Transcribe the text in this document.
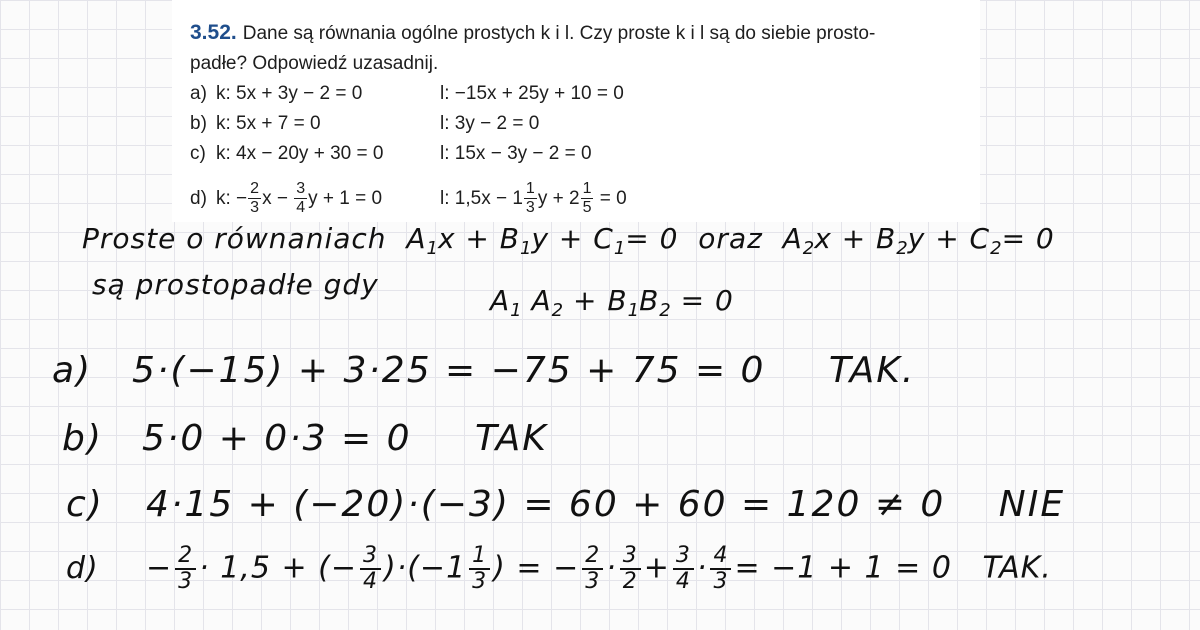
3.52. Dane są równania ogólne prostych k i l. Czy proste k i l są do siebie prosto-
padłe? Odpowiedź uzasadnij.
a) k: 5x + 3y − 2 = 0	l: −15x + 25y + 10 = 0
b) k: 5x + 7 = 0	l: 3y − 2 = 0
c) k: 4x − 20y + 30 = 0	l: 15x − 3y − 2 = 0
d) k: − $\frac{2}{3}$ $x - \frac{3}{4}$ y + 1 = 0	l: $1,5x - 1 \frac{1}{3}$ $y + 2 \frac{1}{5} = 0$
Proste o równaniach $A_1x + B_1y + C_1= 0$ oraz $A_2x + B_2y + C_2= 0$
są prostopadłe gdy	$A_1$ $A_2 + B_1B_2 = 0$
a) 5·(−15) + 3·25 = −75 + 75 = 0 TAK.
b) 5·0 + 0·3 = 0 TAK
c) 4·15 + (−20)·(−3) = 60 + 60 = 120 ≠ 0 NIE
$d) - \frac{2}{3} \cdot 1,5$ + (− $\frac{3}{4} )\cdot(-1 \frac{1}{3}$ ) = − $\frac{2}{3} \cdot \frac{3}{2} + \frac{3}{4} \cdot \frac{4}{3} = -1 + 1 = 0$ TAK.
